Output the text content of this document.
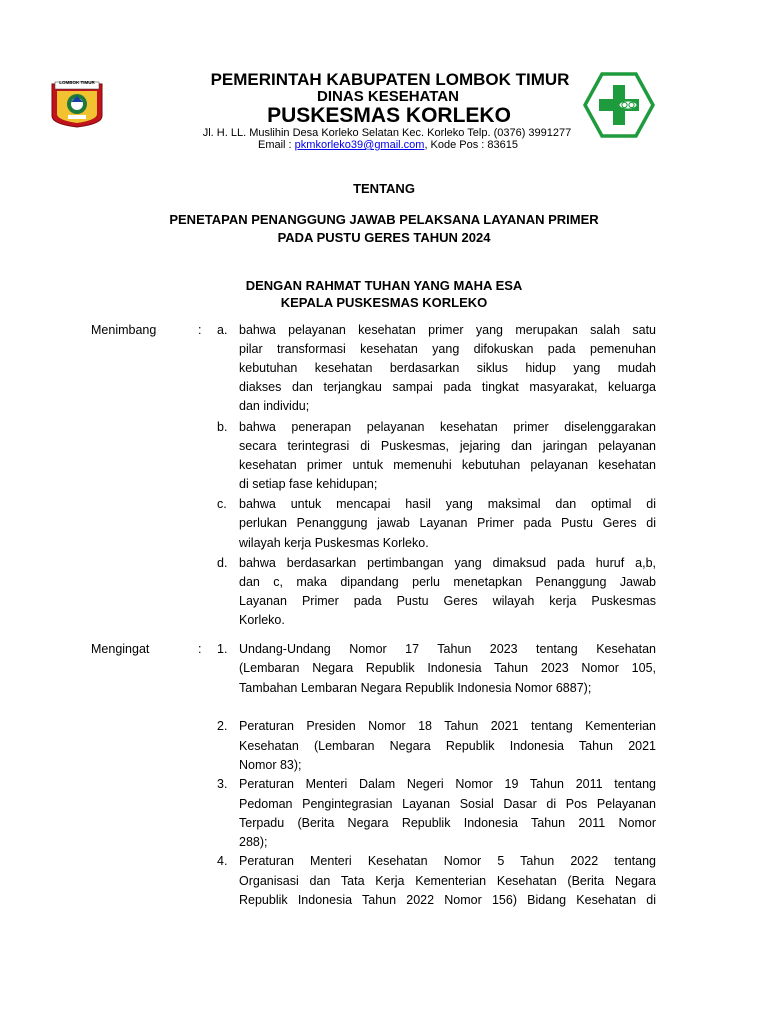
LOMBOK TIMUR	PEMERINTAH KABUPATEN LOMBOK TIMUR
DINAS KESEHATAN
PUSKESMAS KORLEKO
Jl. H. LL. Muslihin Desa Korleko Selatan Kec. Korleko Telp. (0376) 3991277
Email : pkmkorleko39@gmail.com, Kode Pos : 83615
TENTANG
PENETAPAN PENANGGUNG JAWAB PELAKSANA LAYANAN PRIMER
PADA PUSTU GERES TAHUN 2024
DENGAN RAHMAT TUHAN YANG MAHA ESA
KEPALA PUSKESMAS KORLEKO
Menimbang	: a. bahwa pelayanan kesehatan primer yang merupakan salah satu
pilar transformasi kesehatan yang difokuskan pada pemenuhan
kebutuhan kesehatan berdasarkan siklus hidup yang mudah
diakses dan terjangkau sampai pada tingkat masyarakat, keluarga
dan individu;
b. bahwa penerapan pelayanan kesehatan primer diselenggarakan
secara terintegrasi di Puskesmas, jejaring dan jaringan pelayanan
kesehatan primer untuk memenuhi kebutuhan pelayanan kesehatan
di setiap fase kehidupan;
c. bahwa untuk mencapai hasil yang maksimal dan optimal di
perlukan Penanggung jawab Layanan Primer pada Pustu Geres di
wilayah kerja Puskesmas Korleko.
d. bahwa berdasarkan pertimbangan yang dimaksud pada huruf a,b,
dan c, maka dipandang perlu menetapkan Penanggung Jawab
Layanan Primer pada Pustu Geres wilayah kerja Puskesmas
Korleko.
Mengingat	: 1. Undang-Undang Nomor 17 Tahun 2023 tentang Kesehatan
(Lembaran Negara Republik Indonesia Tahun 2023 Nomor 105,
Tambahan Lembaran Negara Republik Indonesia Nomor 6887);
2. Peraturan Presiden Nomor 18 Tahun 2021 tentang Kementerian
Kesehatan (Lembaran Negara Republik Indonesia Tahun 2021
Nomor 83);
3. Peraturan Menteri Dalam Negeri Nomor 19 Tahun 2011 tentang
Pedoman Pengintegrasian Layanan Sosial Dasar di Pos Pelayanan
Terpadu (Berita Negara Republik Indonesia Tahun 2011 Nomor
288);
4. Peraturan Menteri Kesehatan Nomor 5 Tahun 2022 tentang
Organisasi dan Tata Kerja Kementerian Kesehatan (Berita Negara
Republik Indonesia Tahun 2022 Nomor 156) Bidang Kesehatan di
